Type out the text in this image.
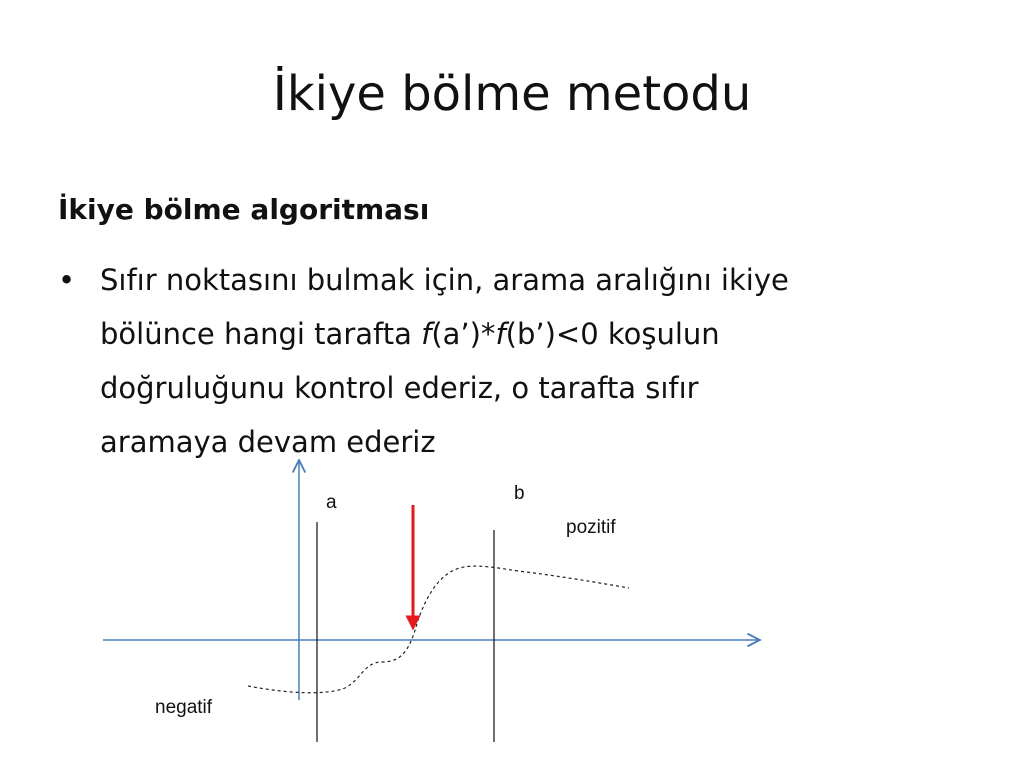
İkiye bölme metodu
İkiye bölme algoritması
• Sıfır noktasını bulmak için, arama aralığını ikiye
bölünce hangi tarafta f(a’)*f(b’)<0 koşulun
doğruluğunu kontrol ederiz, o tarafta sıfır
aramaya devam ederiz
a	b
pozitif
negatif
